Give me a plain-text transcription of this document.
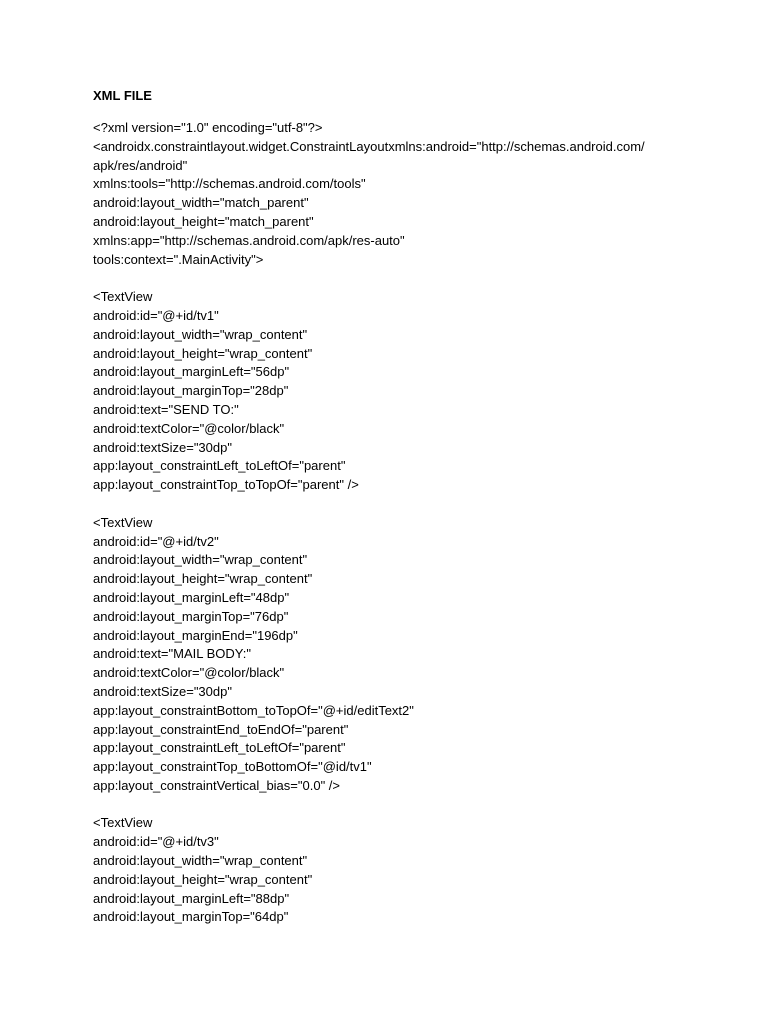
XML FILE
<?xml version="1.0" encoding="utf-8"?>
<androidx.constraintlayout.widget.ConstraintLayoutxmlns:android="http://schemas.android.com/
apk/res/android"
xmlns:tools="http://schemas.android.com/tools"
android:layout_width="match_parent"
android:layout_height="match_parent"
xmlns:app="http://schemas.android.com/apk/res-auto"
tools:context=".MainActivity">
<TextView
android:id="@+id/tv1"
android:layout_width="wrap_content"
android:layout_height="wrap_content"
android:layout_marginLeft="56dp"
android:layout_marginTop="28dp"
android:text="SEND TO:"
android:textColor="@color/black"
android:textSize="30dp"
app:layout_constraintLeft_toLeftOf="parent"
app:layout_constraintTop_toTopOf="parent" />
<TextView
android:id="@+id/tv2"
android:layout_width="wrap_content"
android:layout_height="wrap_content"
android:layout_marginLeft="48dp"
android:layout_marginTop="76dp"
android:layout_marginEnd="196dp"
android:text="MAIL BODY:"
android:textColor="@color/black"
android:textSize="30dp"
app:layout_constraintBottom_toTopOf="@+id/editText2"
app:layout_constraintEnd_toEndOf="parent"
app:layout_constraintLeft_toLeftOf="parent"
app:layout_constraintTop_toBottomOf="@id/tv1"
app:layout_constraintVertical_bias="0.0" />
<TextView
android:id="@+id/tv3"
android:layout_width="wrap_content"
android:layout_height="wrap_content"
android:layout_marginLeft="88dp"
android:layout_marginTop="64dp"
